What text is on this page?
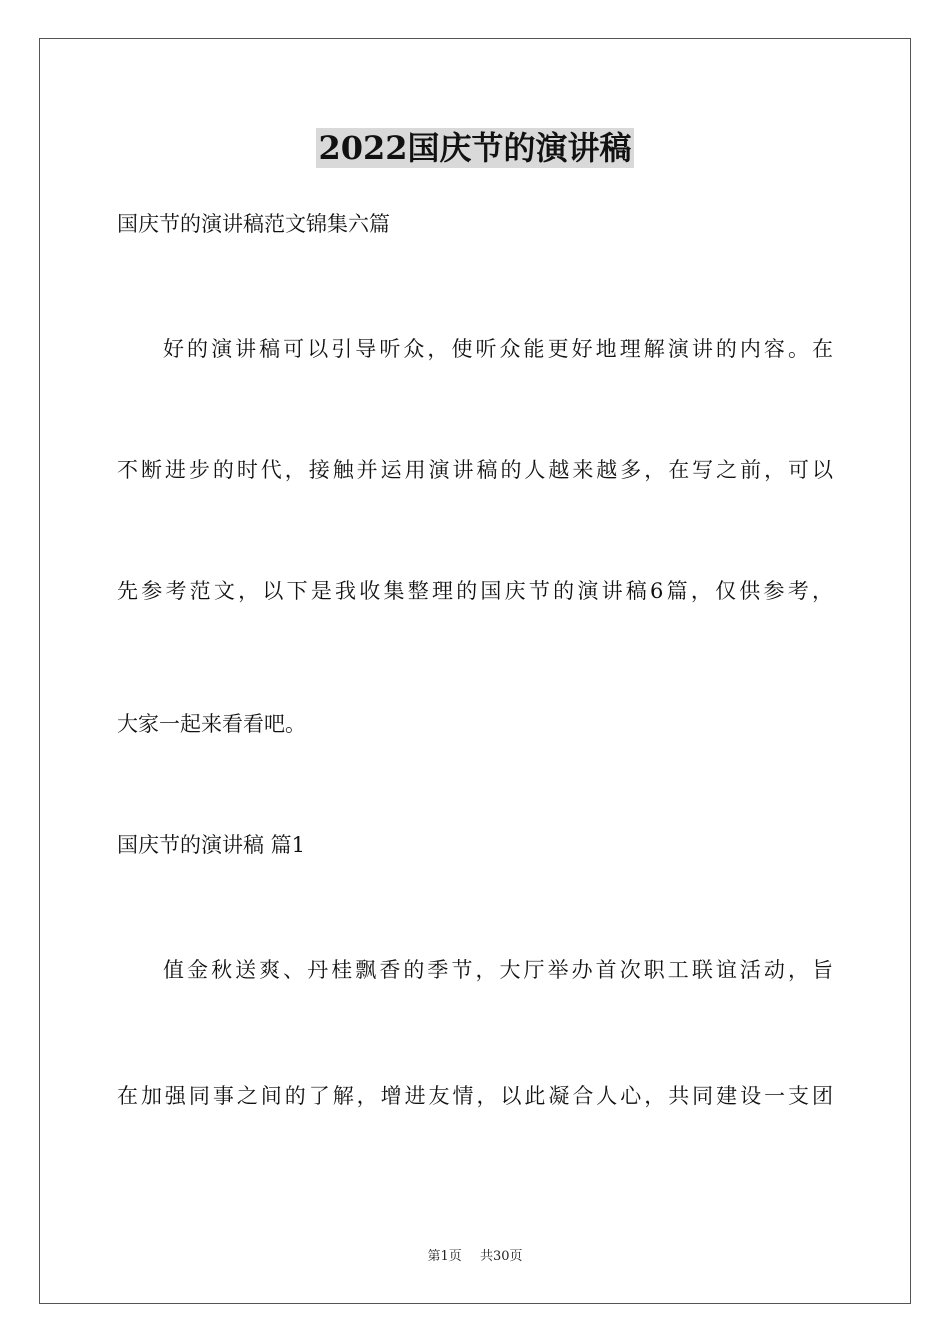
2022国庆节的演讲稿
国庆节的演讲稿范文锦集六篇
好的演讲稿可以引导听众，使听众能更好地理解演讲的内容。在
不断进步的时代，接触并运用演讲稿的人越来越多，在写之前，可以
先参考范文，以下是我收集整理的国庆节的演讲稿6篇，仅供参考，
大家一起来看看吧。
国庆节的演讲稿 篇1
值金秋送爽、丹桂飘香的季节，大厅举办首次职工联谊活动，旨
在加强同事之间的了解，增进友情，以此凝合人心，共同建设一支团
第1页 共30页
